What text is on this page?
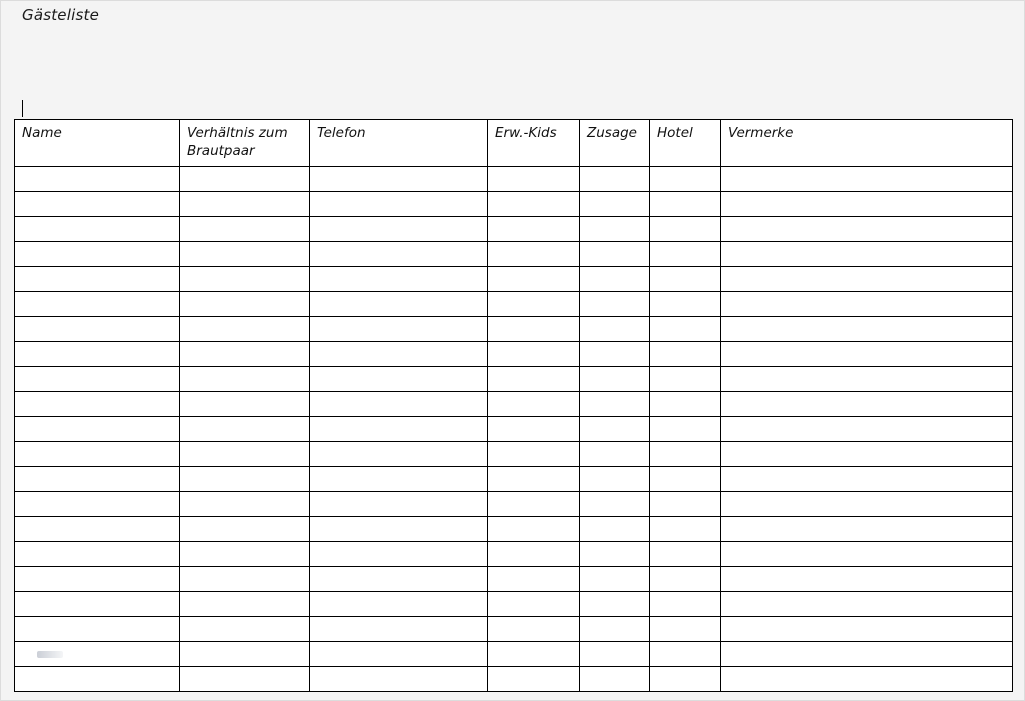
Gästeliste
Name	Verhältnis zum Brautpaar	Telefon	Erw.-Kids	Zusage	Hotel	Vermerke
